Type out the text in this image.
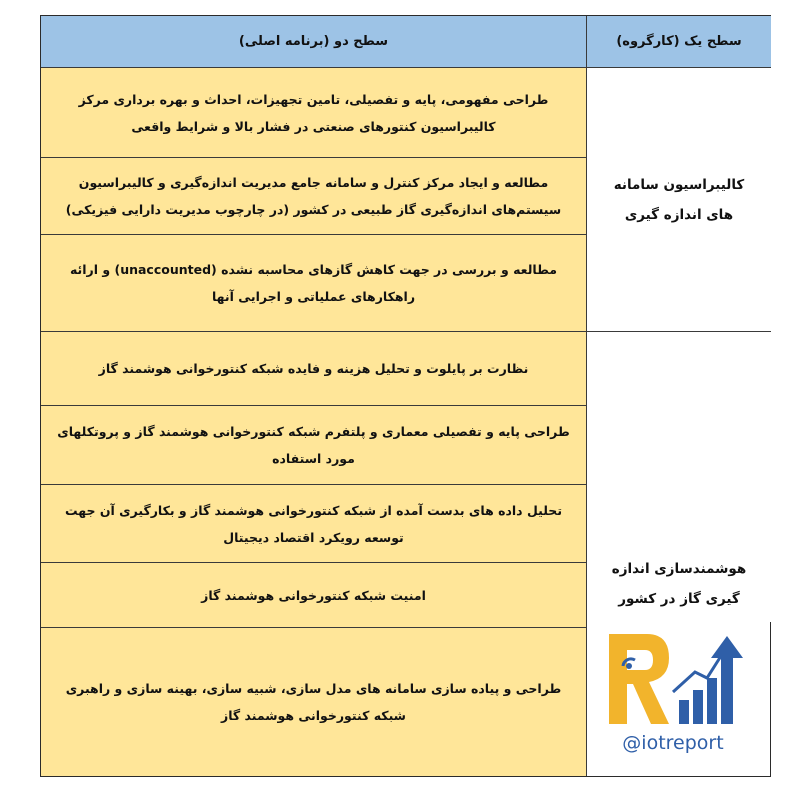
سطح دو (برنامه اصلی)	سطح یک (کارگروه)
طراحی مفهومی، پایه و تفصیلی، تامین تجهیزات، احداث و بهره برداری مرکز کالیبراسیون کنتورهای صنعتی در فشار بالا و شرایط واقعی
مطالعه و ایجاد مرکز کنترل و سامانه جامع مدیریت اندازه‌گیری و کالیبراسیون سیستم‌های اندازه‌گیری گاز طبیعی در کشور (در چارچوب مدیریت دارایی فیزیکی)
مطالعه و بررسی در جهت کاهش گازهای محاسبه نشده (unaccounted) و ارائه راهکارهای عملیاتی و اجرایی آنها
نظارت بر پایلوت و تحلیل هزینه و فایده شبکه کنتورخوانی هوشمند گاز
طراحی پایه و تفصیلی معماری و پلتفرم شبکه کنتورخوانی هوشمند گاز و پروتکلهای مورد استفاده
تحلیل داده های بدست آمده از شبکه کنتورخوانی هوشمند گاز و بکارگیری آن جهت توسعه رویکرد اقتصاد دیجیتال
امنیت شبکه کنتورخوانی هوشمند گاز
طراحی و پیاده سازی سامانه های مدل سازی، شبیه سازی، بهینه سازی و راهبری شبکه کنتورخوانی هوشمند گاز
کالیبراسیون سامانه های اندازه گیری
هوشمندسازی اندازه گیری گاز در کشور
@iotreport
